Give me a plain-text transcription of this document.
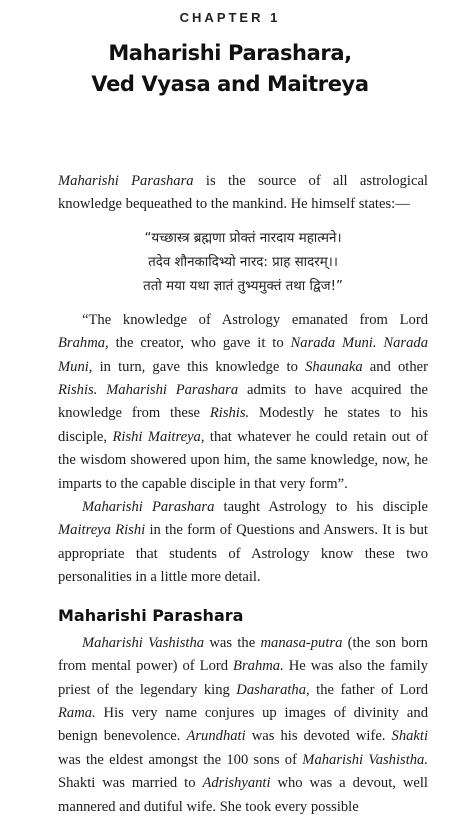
CHAPTER 1
Maharishi Parashara,
Ved Vyasa and Maitreya

Maharishi Parashara is the source of all astrological knowledge bequeathed to the mankind. He himself states:—

“यच्छास्त्र ब्रह्मणा प्रोक्तं नारदाय महात्मने।
तदेव शौनकादिभ्यो नारद: प्राह सादरम्।।
ततो मया यथा ज्ञातं तुभ्यमुक्तं तथा द्विज!”

“The knowledge of Astrology emanated from Lord Brahma, the creator, who gave it to Narada Muni. Narada Muni, in turn, gave this knowledge to Shaunaka and other Rishis. Maharishi Parashara admits to have acquired the knowledge from these Rishis. Modestly he states to his disciple, Rishi Maitreya, that whatever he could retain out of the wisdom showered upon him, the same knowledge, now, he imparts to the capable disciple in that very form”.

Maharishi Parashara taught Astrology to his disciple Maitreya Rishi in the form of Questions and Answers. It is but appropriate that students of Astrology know these two personalities in a little more detail.

Maharishi Parashara

Maharishi Vashistha was the manasa-putra (the son born from mental power) of Lord Brahma. He was also the family priest of the legendary king Dasharatha, the father of Lord Rama. His very name conjures up images of divinity and benign benevolence. Arundhati was his devoted wife. Shakti was the eldest amongst the 100 sons of Maharishi Vashistha. Shakti was married to Adrishyanti who was a devout, well mannered and dutiful wife. She took every possible
